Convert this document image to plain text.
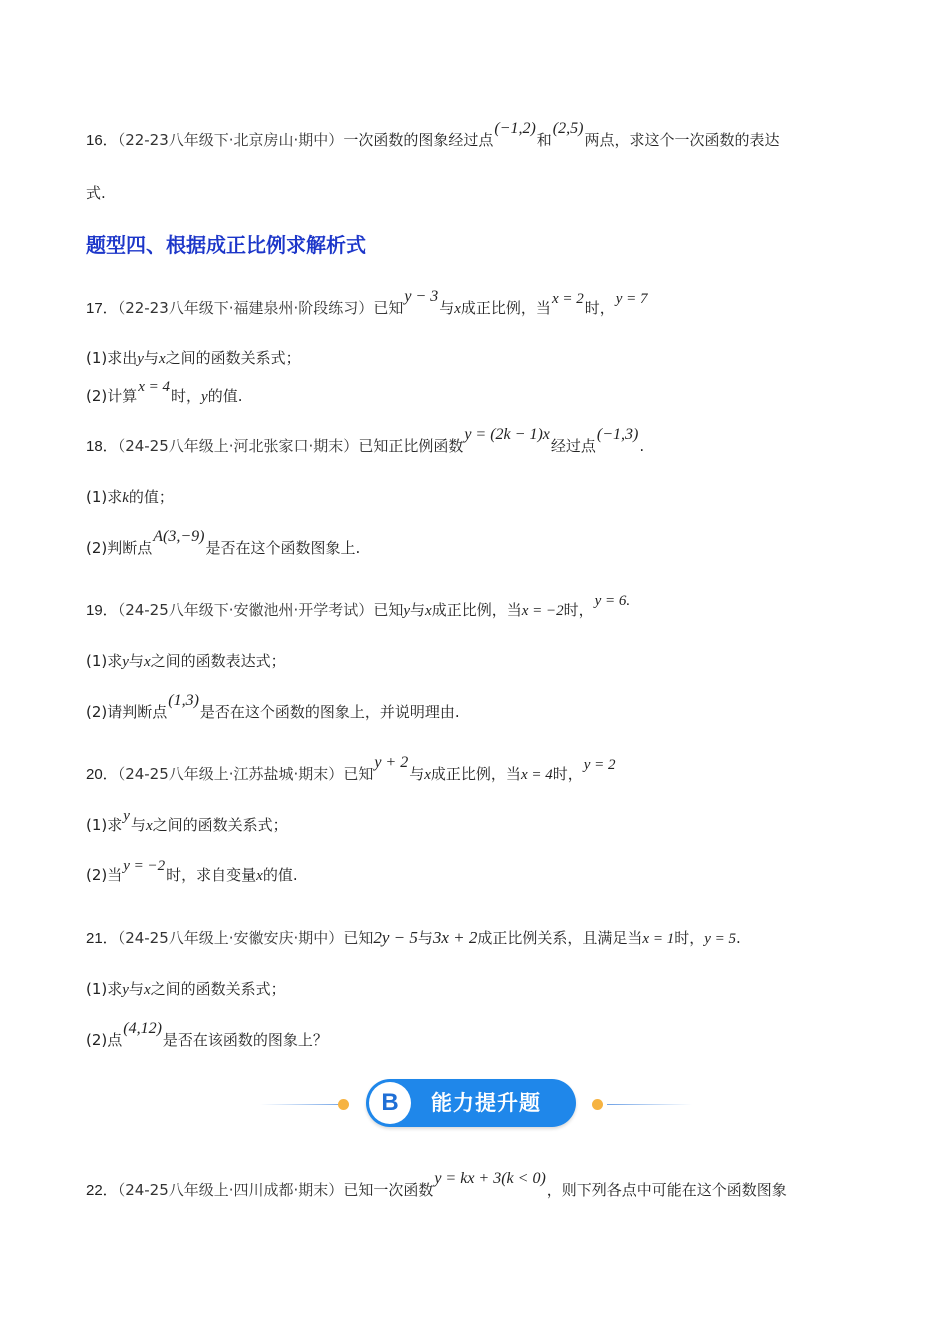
16．（22-23八年级下·北京房山·期中）一次函数的图象经过点(−1,2)和(2,5)两点，求这个一次函数的表达
式.
题型四、根据成正比例求解析式
17．（22-23八年级下·福建泉州·阶段练习）已知y − 3与x成正比例，当x = 2时，y = 7
(1)求出y与x之间的函数关系式；
(2)计算x = 4时，y的值.
18．（24-25八年级上·河北张家口·期末）已知正比例函数y = (2k − 1)x经过点(−1,3).
(1)求k的值；
(2)判断点A(3,−9)是否在这个函数图象上.
19．（24-25八年级下·安徽池州·开学考试）已知y与x成正比例，当x = −2时，y = 6.
(1)求y与x之间的函数表达式；
(2)请判断点(1,3)是否在这个函数的图象上，并说明理由.
20．（24-25八年级上·江苏盐城·期末）已知y + 2与x成正比例，当x = 4时，y = 2
(1)求y与x之间的函数关系式；
(2)当y = −2时，求自变量x的值.
21．（24-25八年级上·安徽安庆·期中）已知2y − 5与3x + 2成正比例关系，且满足当x = 1时，y = 5.
(1)求y与x之间的函数关系式；
(2)点(4,12)是否在该函数的图象上？
B	能力提升题
22．（24-25八年级上·四川成都·期末）已知一次函数y = kx + 3(k < 0)，则下列各点中可能在这个函数图象
